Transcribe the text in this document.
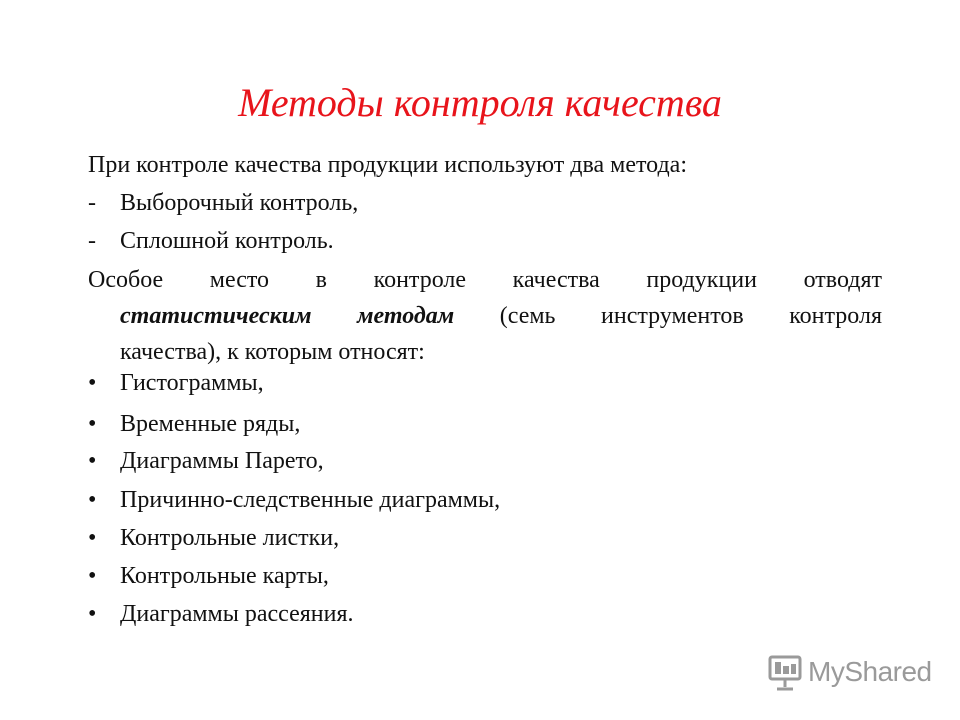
Методы контроля качества
При контроле качества продукции используют два метода:
- Выборочный контроль,
- Сплошной контроль.
Особое место в контроле качества продукции отводят
статистическим методам (семь инструментов контроля
качества), к которым относят:
• Гистограммы,
• Временные ряды,
• Диаграммы Парето,
• Причинно-следственные диаграммы,
• Контрольные листки,
• Контрольные карты,
• Диаграммы рассеяния.
MyShared
